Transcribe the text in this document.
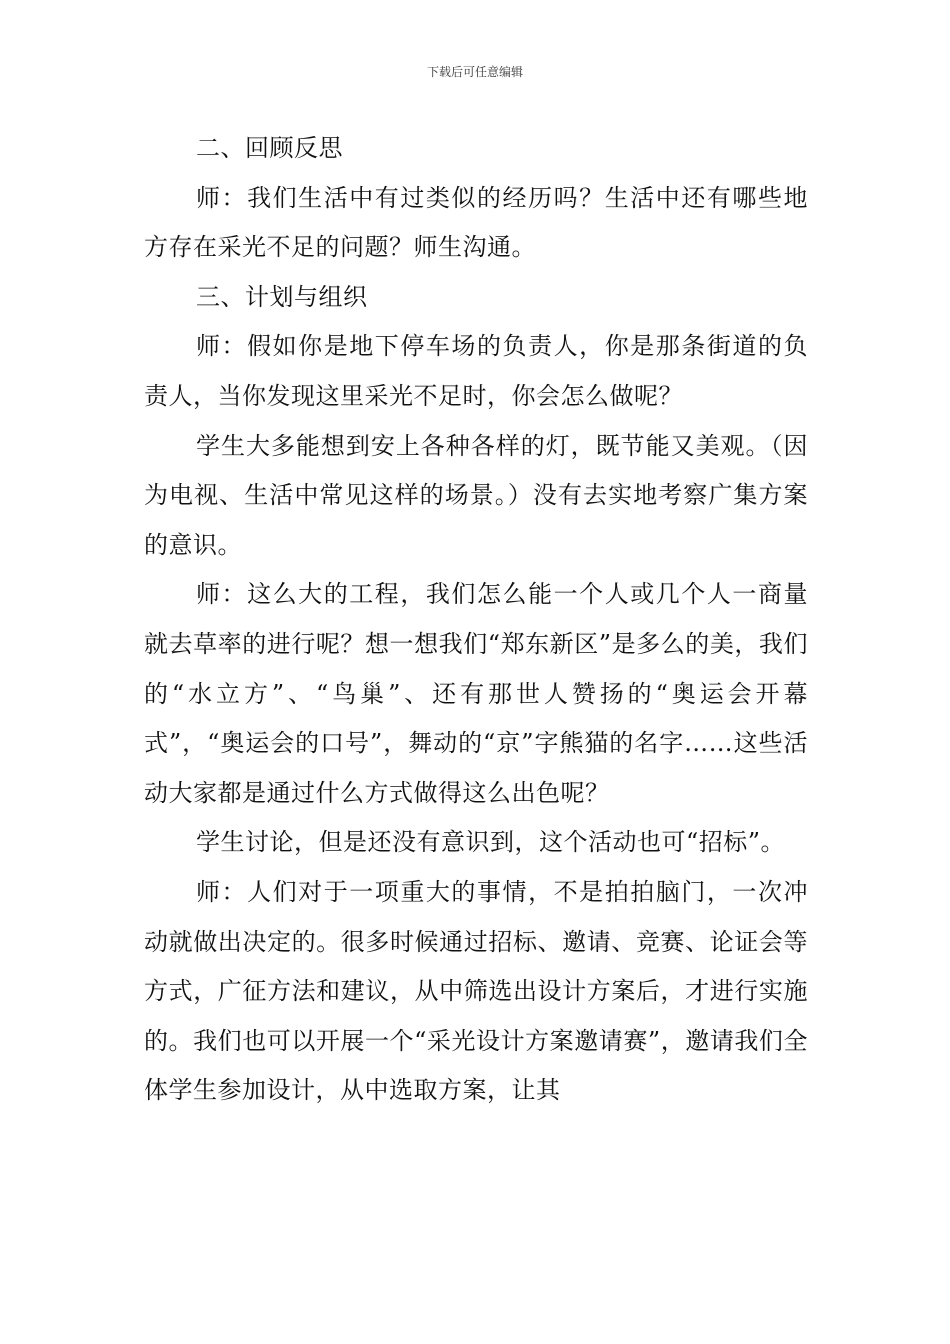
下载后可任意编辑

二、回顾反思

师：我们生活中有过类似的经历吗？生活中还有哪些地方存在采光不足的问题？师生沟通。

三、计划与组织

师：假如你是地下停车场的负责人，你是那条街道的负责人，当你发现这里采光不足时，你会怎么做呢？

学生大多能想到安上各种各样的灯，既节能又美观。（因为电视、生活中常见这样的场景。）没有去实地考察广集方案的意识。

师：这么大的工程，我们怎么能一个人或几个人一商量就去草率的进行呢？想一想我们“郑东新区”是多么的美，我们的“水立方”、“鸟巢”、还有那世人赞扬的“奥运会开幕式”，“奥运会的口号”，舞动的“京”字熊猫的名字……这些活动大家都是通过什么方式做得这么出色呢？

学生讨论，但是还没有意识到，这个活动也可“招标”。

师：人们对于一项重大的事情，不是拍拍脑门，一次冲动就做出决定的。很多时候通过招标、邀请、竞赛、论证会等方式，广征方法和建议，从中筛选出设计方案后，才进行实施的。我们也可以开展一个“采光设计方案邀请赛”，邀请我们全体学生参加设计，从中选取方案，让其
